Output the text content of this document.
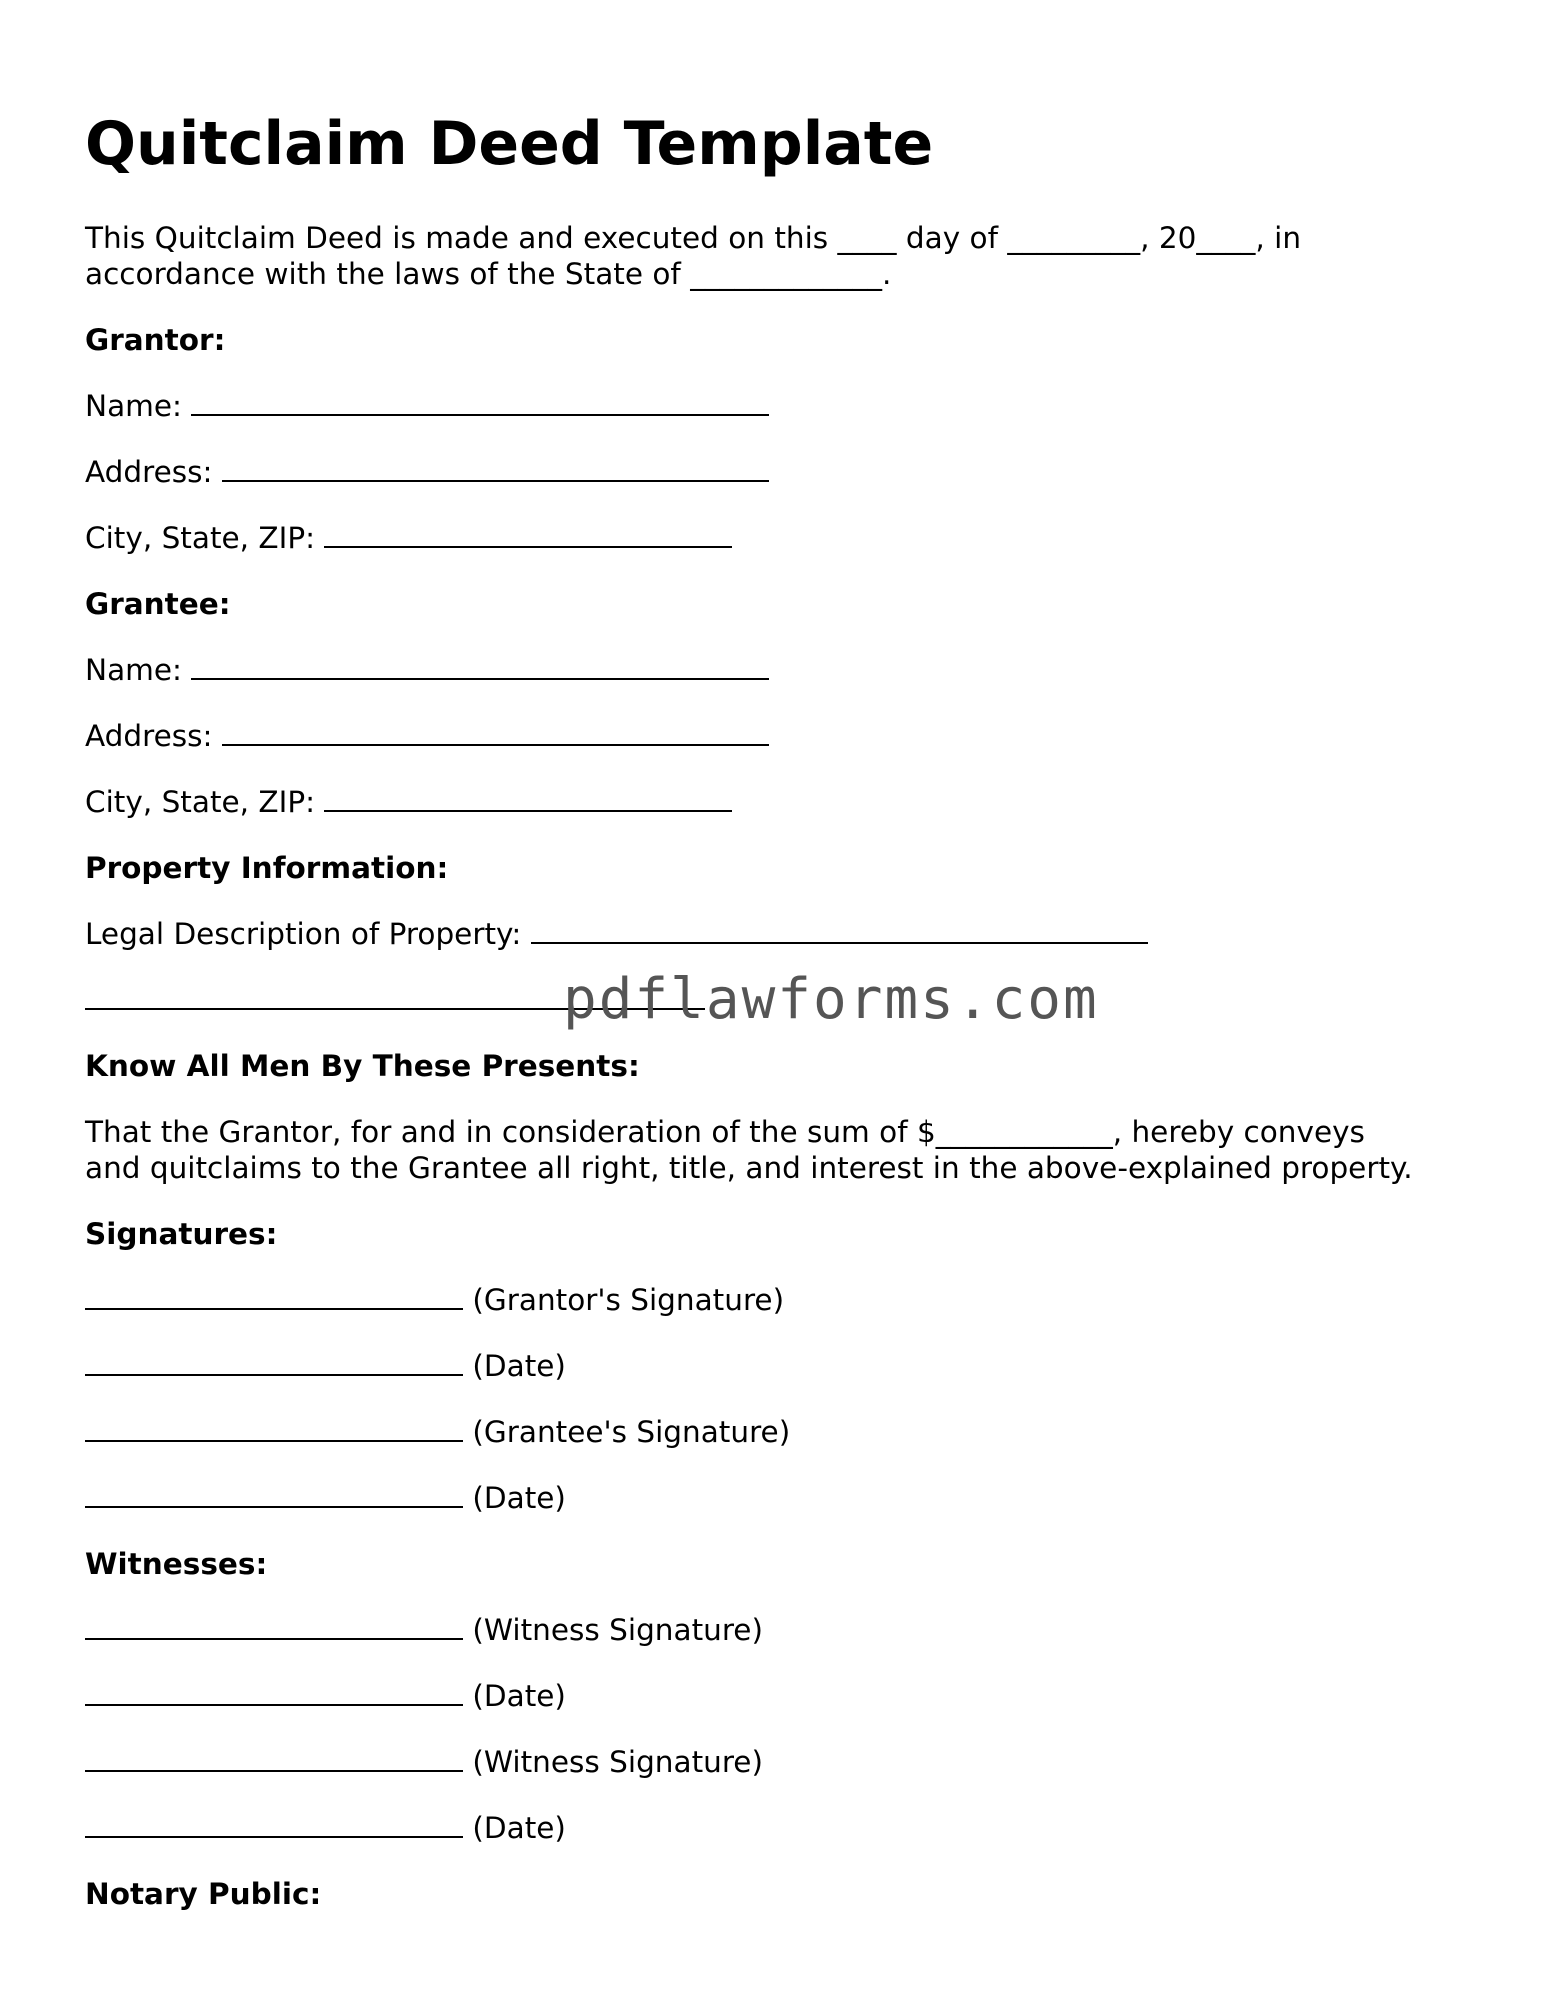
Quitclaim Deed Template
This Quitclaim Deed is made and executed on this ____ day of _________, 20____, in
accordance with the laws of the State of _____________.
Grantor:
Name:
Address:
City, State, ZIP:
Grantee:
Name:
Address:
City, State, ZIP:
Property Information:
Legal Description of Property:
pdflawforms.com
Know All Men By These Presents:
That the Grantor, for and in consideration of the sum of $____________, hereby conveys
and quitclaims to the Grantee all right, title, and interest in the above-explained property.
Signatures:
(Grantor's Signature)
(Date)
(Grantee's Signature)
(Date)
Witnesses:
(Witness Signature)
(Date)
(Witness Signature)
(Date)
Notary Public:
